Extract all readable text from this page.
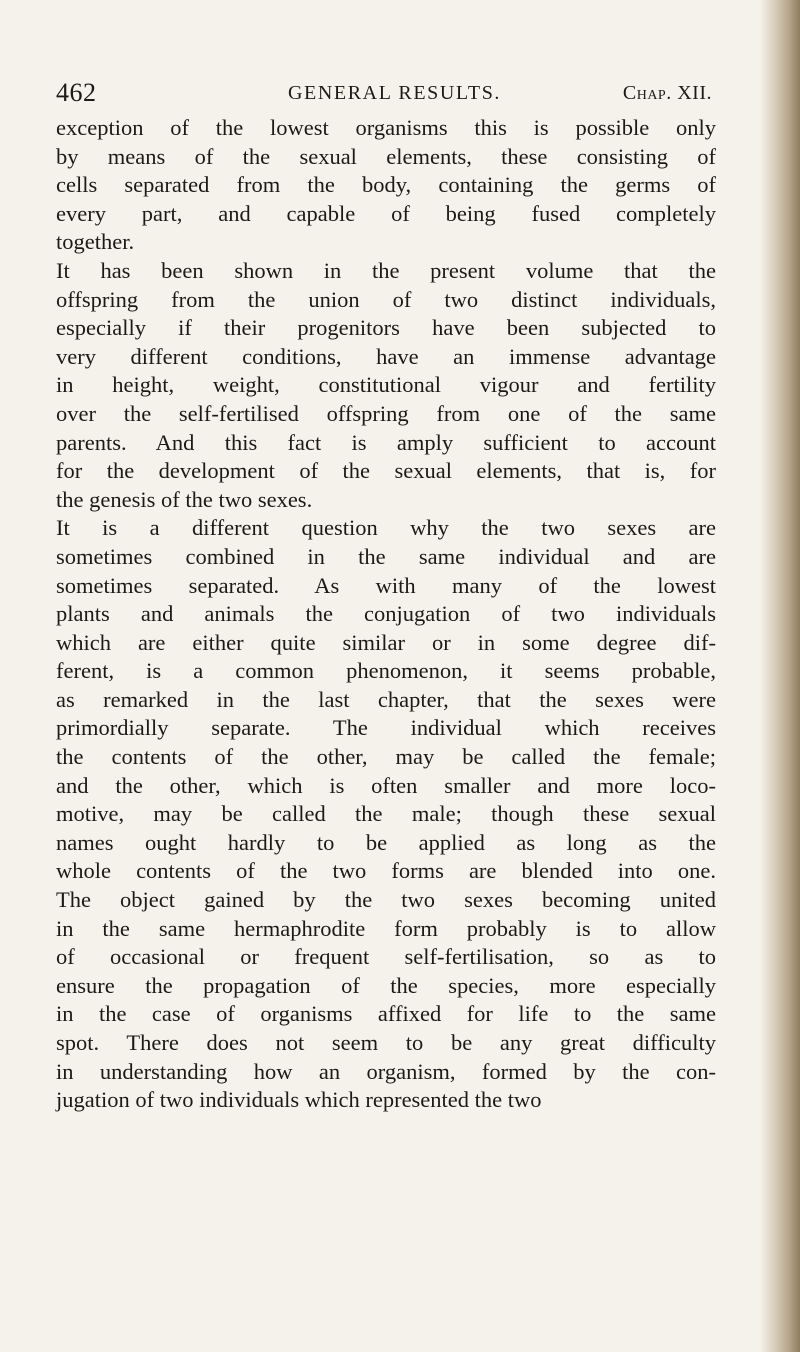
462	GENERAL RESULTS.	Chap. XII.
exception of the lowest organisms this is possible only
by means of the sexual elements, these consisting of
cells separated from the body, containing the germs of
every part, and capable of being fused completely
together.
It has been shown in the present volume that the
offspring from the union of two distinct individuals,
especially if their progenitors have been subjected to
very different conditions, have an immense advantage
in height, weight, constitutional vigour and fertility
over the self-fertilised offspring from one of the same
parents. And this fact is amply sufficient to account
for the development of the sexual elements, that is, for
the genesis of the two sexes.
It is a different question why the two sexes are
sometimes combined in the same individual and are
sometimes separated. As with many of the lowest
plants and animals the conjugation of two individuals
which are either quite similar or in some degree dif-
ferent, is a common phenomenon, it seems probable,
as remarked in the last chapter, that the sexes were
primordially separate. The individual which receives
the contents of the other, may be called the female;
and the other, which is often smaller and more loco-
motive, may be called the male; though these sexual
names ought hardly to be applied as long as the
whole contents of the two forms are blended into one.
The object gained by the two sexes becoming united
in the same hermaphrodite form probably is to allow
of occasional or frequent self-fertilisation, so as to
ensure the propagation of the species, more especially
in the case of organisms affixed for life to the same
spot. There does not seem to be any great difficulty
in understanding how an organism, formed by the con-
jugation of two individuals which represented the two
